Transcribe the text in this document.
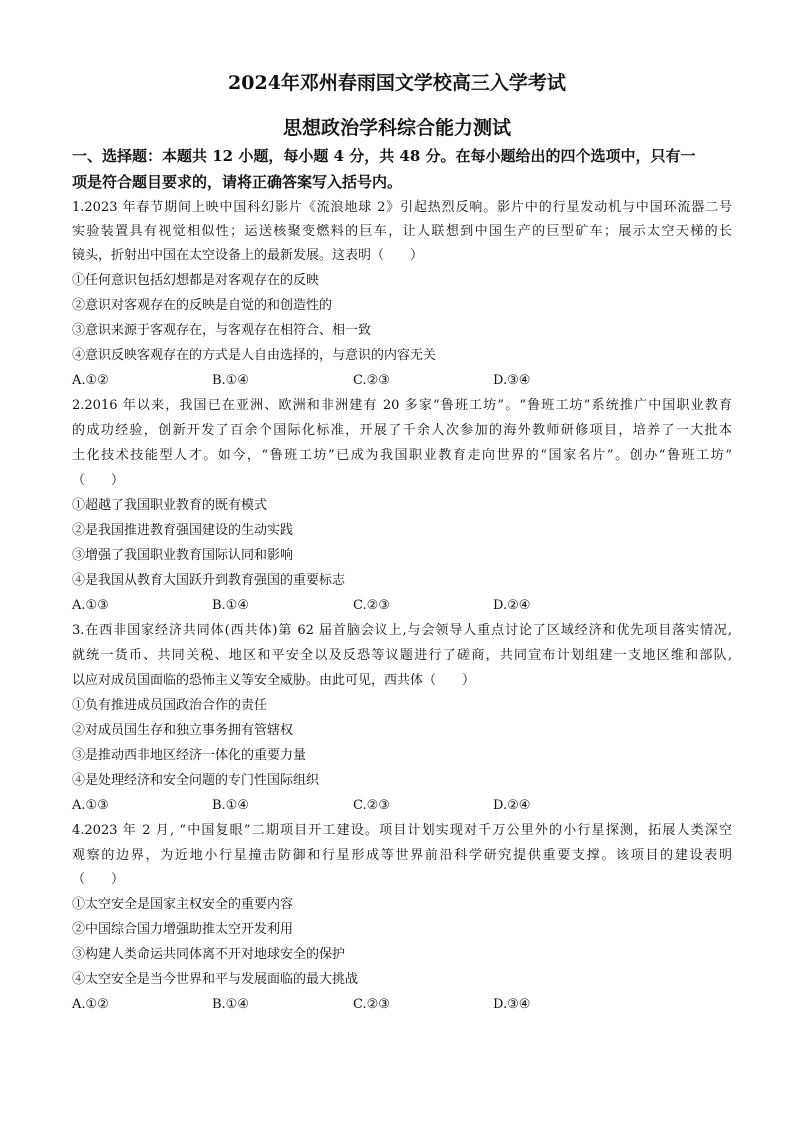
2024年邓州春雨国文学校高三入学考试
思想政治学科综合能力测试
一、选择题：本题共 12 小题，每小题 4 分，共 48 分。在每小题给出的四个选项中，只有一
项是符合题目要求的，请将正确答案写入括号内。
1.2023 年春节期间上映中国科幻影片《流浪地球 2》引起热烈反响。影片中的行星发动机与中国环流器二号
实验装置具有视觉相似性；运送核聚变燃料的巨车，让人联想到中国生产的巨型矿车；展示太空天梯的长
镜头，折射出中国在太空设备上的最新发展。这表明（　　）
①任何意识包括幻想都是对客观存在的反映
②意识对客观存在的反映是自觉的和创造性的
③意识来源于客观存在，与客观存在相符合、相一致
④意识反映客观存在的方式是人自由选择的，与意识的内容无关
A.①②	B.①④	C.②③	D.③④
2.2016 年以来，我国已在亚洲、欧洲和非洲建有 20 多家“鲁班工坊”。“鲁班工坊”系统推广中国职业教育
的成功经验，创新开发了百余个国际化标准，开展了千余人次参加的海外教师研修项目，培养了一大批本
土化技术技能型人才。如今，“鲁班工坊”已成为我国职业教育走向世界的“国家名片”。创办“鲁班工坊”
（　　）
①超越了我国职业教育的既有模式
②是我国推进教育强国建设的生动实践
③增强了我国职业教育国际认同和影响
④是我国从教育大国跃升到教育强国的重要标志
A.①③	B.①④	C.②③	D.②④
3.在西非国家经济共同体(西共体)第 62 届首脑会议上,与会领导人重点讨论了区域经济和优先项目落实情况,
就统一货币、共同关税、地区和平安全以及反恐等议题进行了磋商，共同宣布计划组建一支地区维和部队,
以应对成员国面临的恐怖主义等安全威胁。由此可见，西共体（　　）
①负有推进成员国政治合作的责任
②对成员国生存和独立事务拥有管辖权
③是推动西非地区经济一体化的重要力量
④是处理经济和安全问题的专门性国际组织
A.①③	B.①④	C.②③	D.②④
4.2023 年 2 月, “中国复眼”二期项目开工建设。项目计划实现对千万公里外的小行星探测，拓展人类深空
观察的边界，为近地小行星撞击防御和行星形成等世界前沿科学研究提供重要支撑。该项目的建设表明
（　　）
①太空安全是国家主权安全的重要内容
②中国综合国力增强助推太空开发利用
③构建人类命运共同体离不开对地球安全的保护
④太空安全是当今世界和平与发展面临的最大挑战
A.①②	B.①④	C.②③	D.③④
